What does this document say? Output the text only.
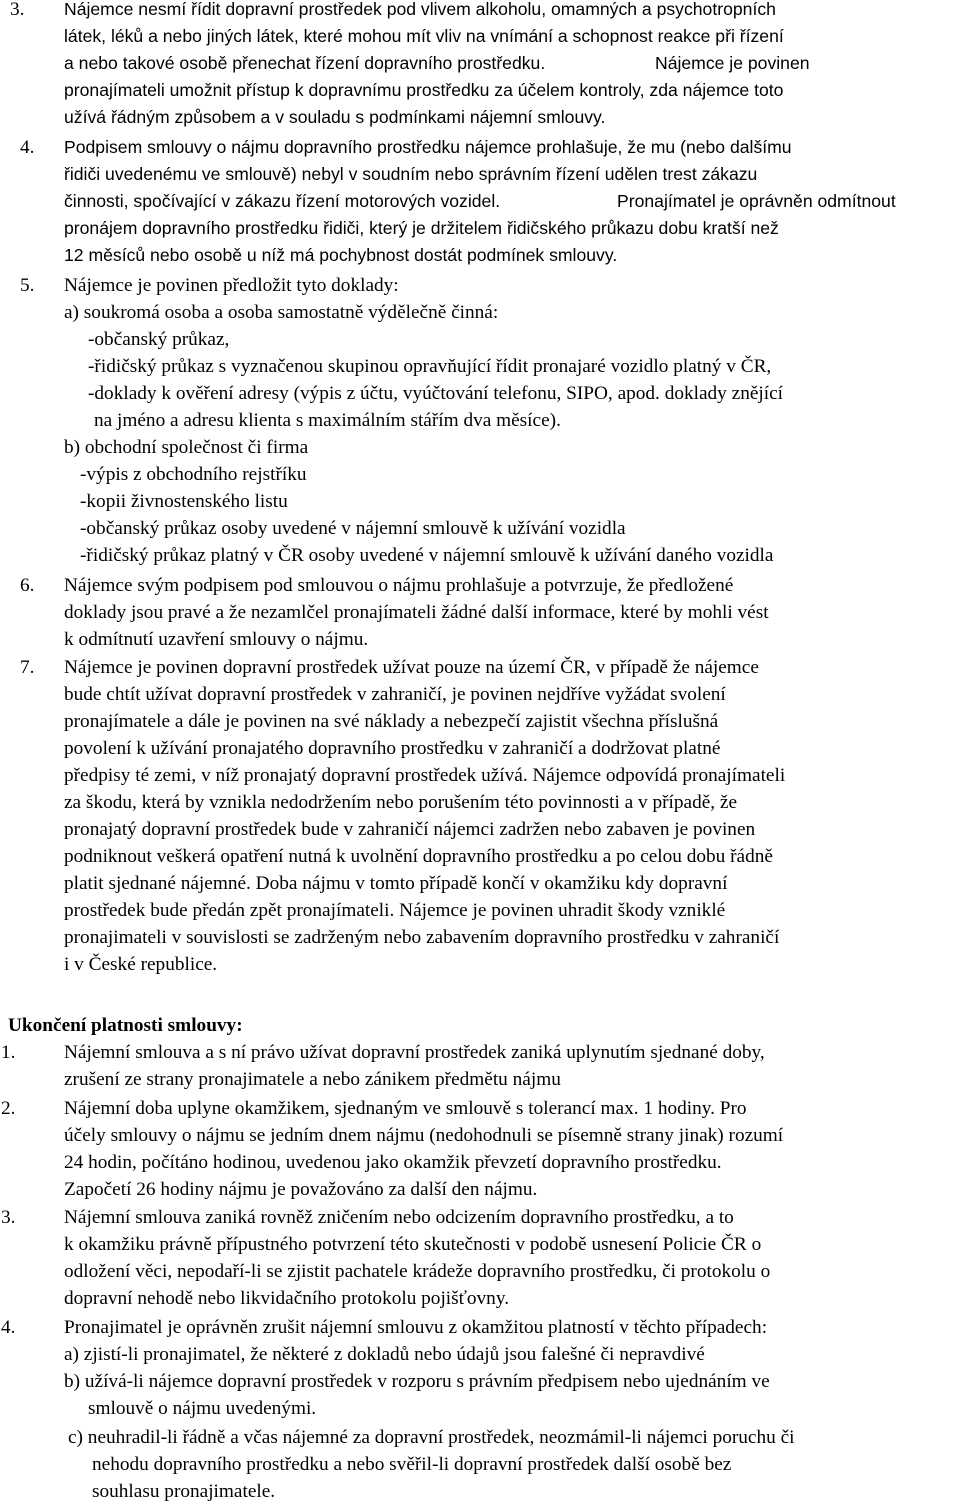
3. Nájemce nesmí řídit dopravní prostředek pod vlivem alkoholu, omamných a psychotropních
látek, léků a nebo jiných látek, které mohou mít vliv na vnímání a schopnost reakce při řízení
a nebo takové osobě přenechat řízení dopravního prostředku.	Nájemce je povinen
pronajímateli umožnit přístup k dopravnímu prostředku za účelem kontroly, zda nájemce toto
užívá řádným způsobem a v souladu s podmínkami nájemní smlouvy.
4. Podpisem smlouvy o nájmu dopravního prostředku nájemce prohlašuje, že mu (nebo dalšímu
řidiči uvedenému ve smlouvě) nebyl v soudním nebo správním řízení udělen trest zákazu
činnosti, spočívající v zákazu řízení motorových vozidel.	Pronajímatel je oprávněn odmítnout
pronájem dopravního prostředku řidiči, který je držitelem řidičského průkazu dobu kratší než
12 měsíců nebo osobě u níž má pochybnost dostát podmínek smlouvy.
5. Nájemce je povinen předložit tyto doklady:
a) soukromá osoba a osoba samostatně výdělečně činná:
-občanský průkaz,
-řidičský průkaz s vyznačenou skupinou opravňující řídit pronajaré vozidlo platný v ČR,
-doklady k ověření adresy (výpis z účtu, vyúčtování telefonu, SIPO, apod. doklady znějící
na jméno a adresu klienta s maximálním stářím dva měsíce).
b) obchodní společnost či firma
-výpis z obchodního rejstříku
-kopii živnostenského listu
-občanský průkaz osoby uvedené v nájemní smlouvě k užívání vozidla
-řidičský průkaz platný v ČR osoby uvedené v nájemní smlouvě k užívání daného vozidla
6. Nájemce svým podpisem pod smlouvou o nájmu prohlašuje a potvrzuje, že předložené
doklady jsou pravé a že nezamlčel pronajímateli žádné další informace, které by mohli vést
k odmítnutí uzavření smlouvy o nájmu.
7. Nájemce je povinen dopravní prostředek užívat pouze na území ČR, v případě že nájemce
bude chtít užívat dopravní prostředek v zahraničí, je povinen nejdříve vyžádat svolení
pronajímatele a dále je povinen na své náklady a nebezpečí zajistit všechna příslušná
povolení k užívání pronajatého dopravního prostředku v zahraničí a dodržovat platné
předpisy té zemi, v níž pronajatý dopravní prostředek užívá. Nájemce odpovídá pronajímateli
za škodu, která by vznikla nedodržením nebo porušením této povinnosti a v případě, že
pronajatý dopravní prostředek bude v zahraničí nájemci zadržen nebo zabaven je povinen
podniknout veškerá opatření nutná k uvolnění dopravního prostředku a po celou dobu řádně
platit sjednané nájemné. Doba nájmu v tomto případě končí v okamžiku kdy dopravní
prostředek bude předán zpět pronajímateli. Nájemce je povinen uhradit škody vzniklé
pronajimateli v souvislosti se zadrženým nebo zabavením dopravního prostředku v zahraničí
i v České republice.
Ukončení platnosti smlouvy:
1.	Nájemní smlouva a s ní právo užívat dopravní prostředek zaniká uplynutím sjednané doby,
zrušení ze strany pronajimatele a nebo zánikem předmětu nájmu
2.	Nájemní doba uplyne okamžikem, sjednaným ve smlouvě s tolerancí max. 1 hodiny. Pro
účely smlouvy o nájmu se jedním dnem nájmu (nedohodnuli se písemně strany jinak) rozumí
24 hodin, počítáno hodinou, uvedenou jako okamžik převzetí dopravního prostředku.
Započetí 26 hodiny nájmu je považováno za další den nájmu.
3.	Nájemní smlouva zaniká rovněž zničením nebo odcizením dopravního prostředku, a to
k okamžiku právně přípustného potvrzení této skutečnosti v podobě usnesení Policie ČR o
odložení věci, nepodaří-li se zjistit pachatele krádeže dopravního prostředku, či protokolu o
dopravní nehodě nebo likvidačního protokolu pojišťovny.
4.	Pronajimatel je oprávněn zrušit nájemní smlouvu z okamžitou platností v těchto případech:
a) zjistí-li pronajimatel, že některé z dokladů nebo údajů jsou falešné či nepravdivé
b) užívá-li nájemce dopravní prostředek v rozporu s právním předpisem nebo ujednáním ve
smlouvě o nájmu uvedenými.
c) neuhradil-li řádně a včas nájemné za dopravní prostředek, neozmámil-li nájemci poruchu či
nehodu dopravního prostředku a nebo svěřil-li dopravní prostředek další osobě bez
souhlasu pronajimatele.
